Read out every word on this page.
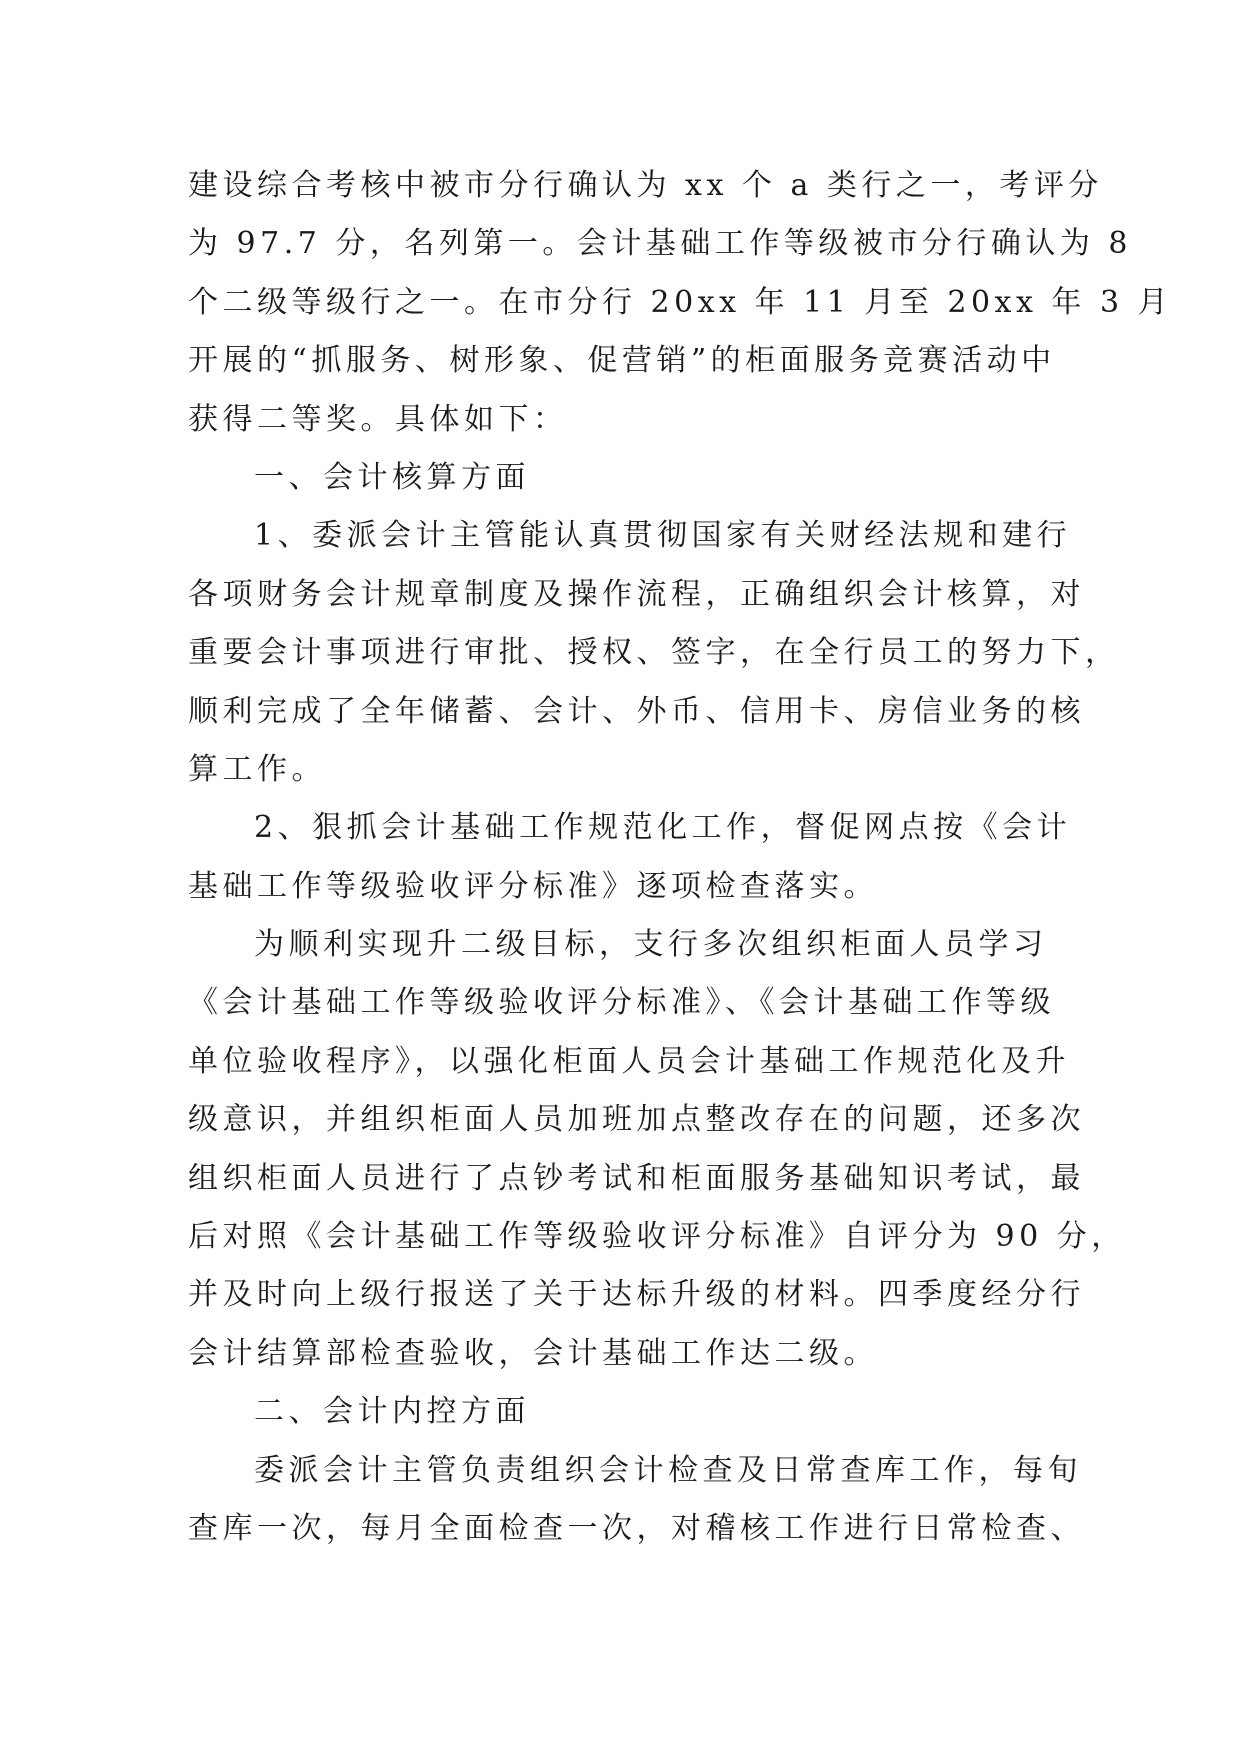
建设综合考核中被市分行确认为 xx 个 a 类行之一，考评分
为 97.7 分，名列第一。会计基础工作等级被市分行确认为 8
个二级等级行之一。在市分行 20xx 年 11 月至 20xx 年 3 月
开展的“抓服务、树形象、促营销”的柜面服务竞赛活动中
获得二等奖。具体如下：
一、会计核算方面
1、委派会计主管能认真贯彻国家有关财经法规和建行
各项财务会计规章制度及操作流程，正确组织会计核算，对
重要会计事项进行审批、授权、签字，在全行员工的努力下，
顺利完成了全年储蓄、会计、外币、信用卡、房信业务的核
算工作。
2、狠抓会计基础工作规范化工作，督促网点按《会计
基础工作等级验收评分标准》逐项检查落实。
为顺利实现升二级目标，支行多次组织柜面人员学习
《会计基础工作等级验收评分标准》、《会计基础工作等级
单位验收程序》，以强化柜面人员会计基础工作规范化及升
级意识，并组织柜面人员加班加点整改存在的问题，还多次
组织柜面人员进行了点钞考试和柜面服务基础知识考试，最
后对照《会计基础工作等级验收评分标准》自评分为 90 分，
并及时向上级行报送了关于达标升级的材料。四季度经分行
会计结算部检查验收，会计基础工作达二级。
二、会计内控方面
委派会计主管负责组织会计检查及日常查库工作，每旬
查库一次，每月全面检查一次，对稽核工作进行日常检查、
